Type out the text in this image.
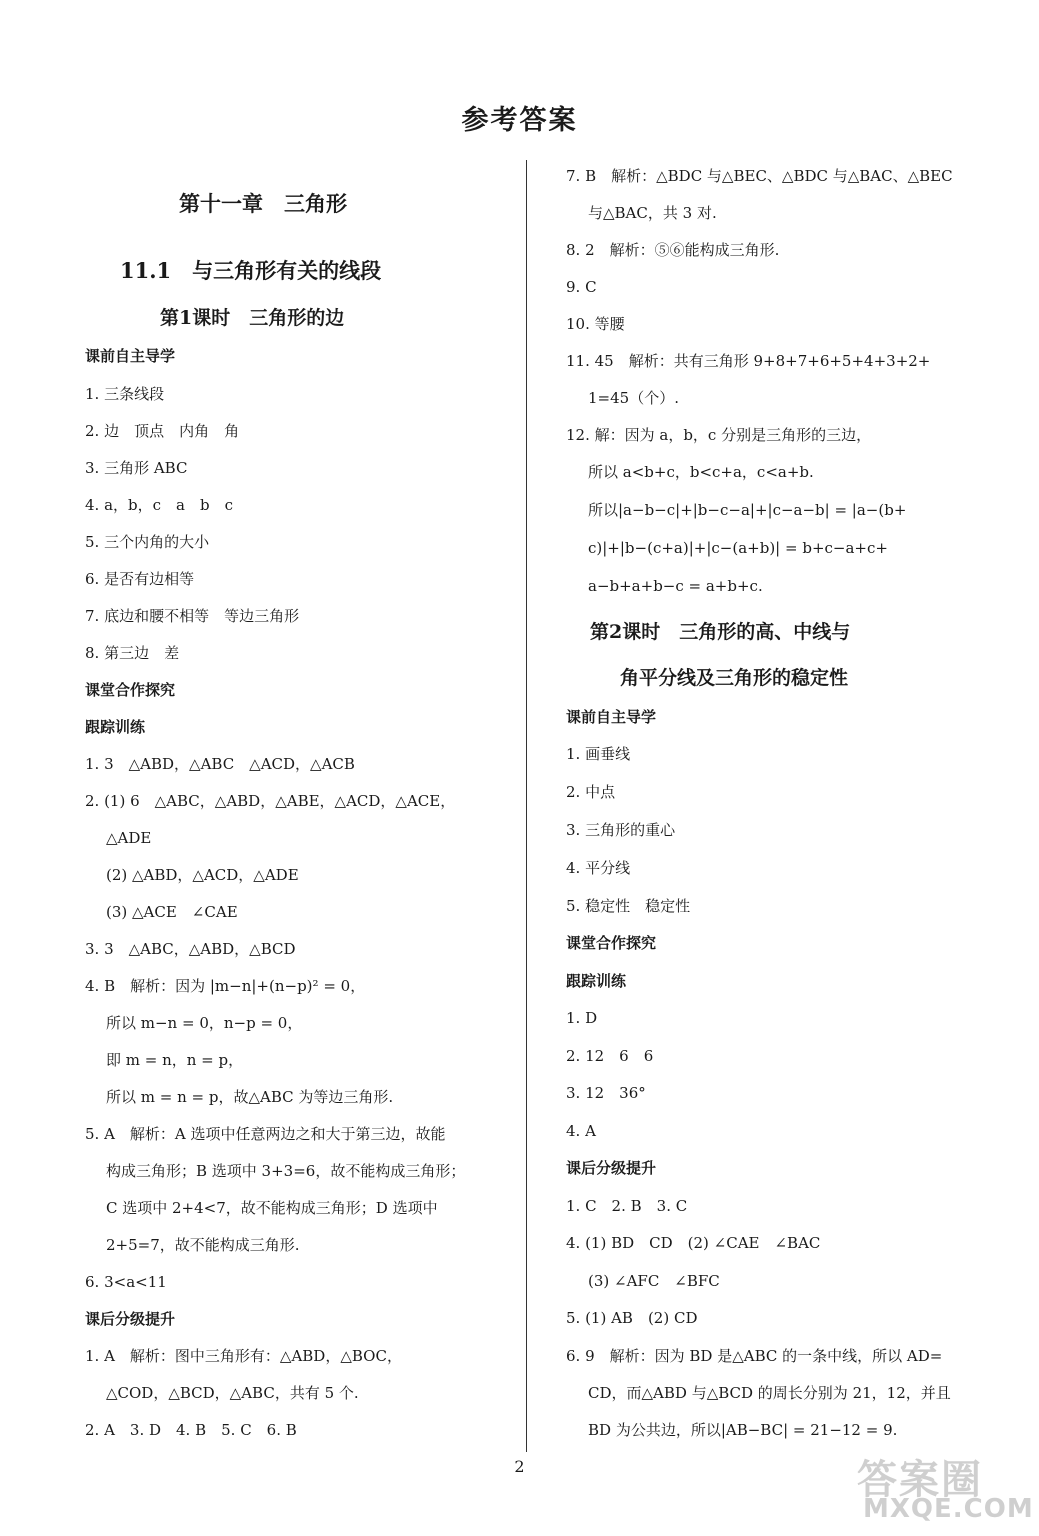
参考答案
第十一章　三角形
11.1　与三角形有关的线段
第1课时　三角形的边
课前自主导学
1. 三条线段
2. 边　顶点　内角　角
3. 三角形 ABC
4. a，b，c　a　b　c
5. 三个内角的大小
6. 是否有边相等
7. 底边和腰不相等　等边三角形
8. 第三边　差
课堂合作探究
跟踪训练
1. 3　△ABD，△ABC　△ACD，△ACB
2. (1) 6　△ABC，△ABD，△ABE，△ACD，△ACE，
△ADE
(2) △ABD，△ACD，△ADE
(3) △ACE　∠CAE
3. 3　△ABC，△ABD，△BCD
4. B　解析：因为 |m−n|+(n−p)² = 0，
所以 m−n = 0，n−p = 0，
即 m = n，n = p，
所以 m = n = p，故△ABC 为等边三角形.
5. A　解析：A 选项中任意两边之和大于第三边，故能
构成三角形；B 选项中 3+3=6，故不能构成三角形；
C 选项中 2+4<7，故不能构成三角形；D 选项中
2+5=7，故不能构成三角形.
6. 3<a<11
课后分级提升
1. A　解析：图中三角形有：△ABD，△BOC，
△COD，△BCD，△ABC，共有 5 个.
2. A　3. D　4. B　5. C　6. B
7. B　解析：△BDC 与△BEC、△BDC 与△BAC、△BEC
与△BAC，共 3 对.
8. 2　解析：⑤⑥能构成三角形.
9. C
10. 等腰
11. 45　解析：共有三角形 9+8+7+6+5+4+3+2+
1=45（个）.
12. 解：因为 a，b，c 分别是三角形的三边，
所以 a<b+c，b<c+a，c<a+b.
所以|a−b−c|+|b−c−a|+|c−a−b| = |a−(b+
c)|+|b−(c+a)|+|c−(a+b)| = b+c−a+c+
a−b+a+b−c = a+b+c.
第2课时　三角形的高、中线与
角平分线及三角形的稳定性
课前自主导学
1. 画垂线
2. 中点
3. 三角形的重心
4. 平分线
5. 稳定性　稳定性
课堂合作探究
跟踪训练
1. D
2. 12　6　6
3. 12　36°
4. A
课后分级提升
1. C　2. B　3. C
4. (1) BD　CD　(2) ∠CAE　∠BAC
(3) ∠AFC　∠BFC
5. (1) AB　(2) CD
6. 9　解析：因为 BD 是△ABC 的一条中线，所以 AD=
CD，而△ABD 与△BCD 的周长分别为 21，12，并且
BD 为公共边，所以|AB−BC| = 21−12 = 9.
2	答案圈
MXQE.COM
